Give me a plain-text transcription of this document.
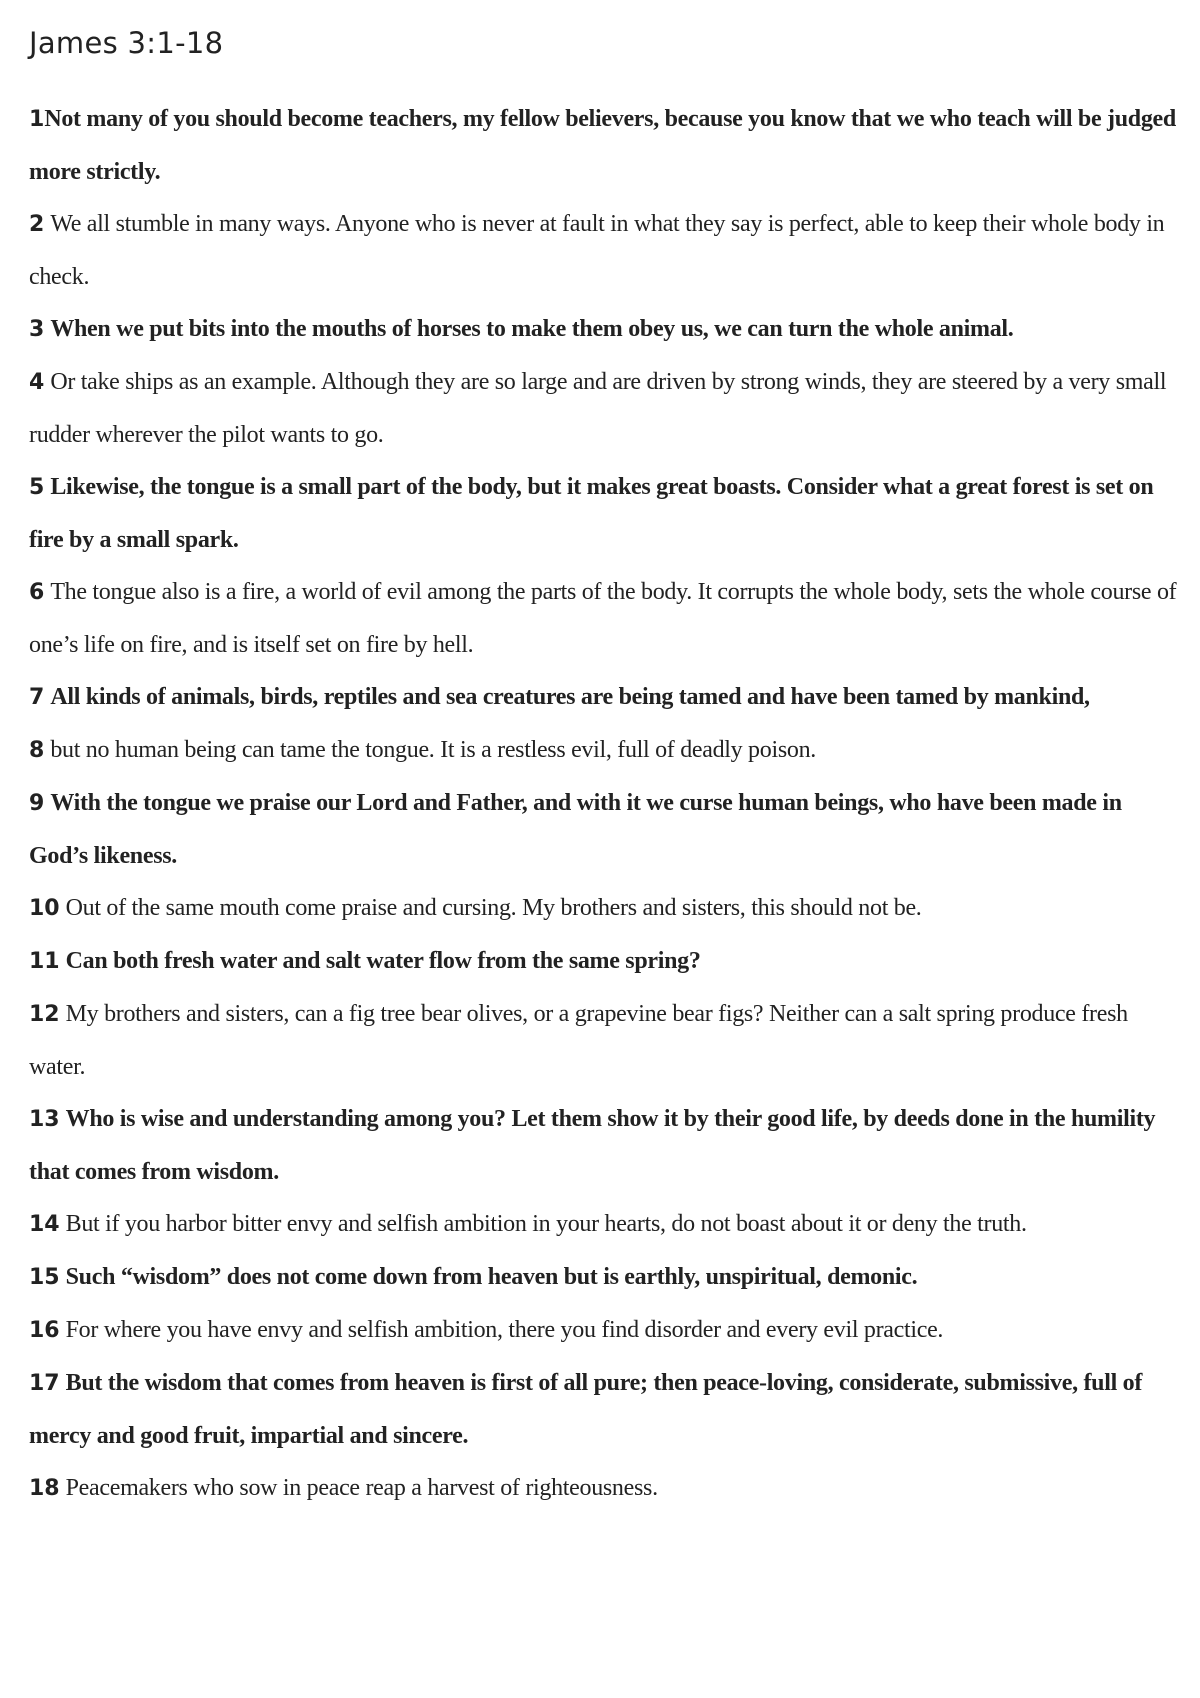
James 3:1-18

1Not many of you should become teachers, my fellow believers, because you know that we who teach will be judged more strictly.

2 We all stumble in many ways. Anyone who is never at fault in what they say is perfect, able to keep their whole body in check.

3 When we put bits into the mouths of horses to make them obey us, we can turn the whole animal.

4 Or take ships as an example. Although they are so large and are driven by strong winds, they are steered by a very small rudder wherever the pilot wants to go.

5 Likewise, the tongue is a small part of the body, but it makes great boasts. Consider what a great forest is set on fire by a small spark.

6 The tongue also is a fire, a world of evil among the parts of the body. It corrupts the whole body, sets the whole course of one’s life on fire, and is itself set on fire by hell.

7 All kinds of animals, birds, reptiles and sea creatures are being tamed and have been tamed by mankind,

8 but no human being can tame the tongue. It is a restless evil, full of deadly poison.

9 With the tongue we praise our Lord and Father, and with it we curse human beings, who have been made in God’s likeness.

10 Out of the same mouth come praise and cursing. My brothers and sisters, this should not be.

11 Can both fresh water and salt water flow from the same spring?

12 My brothers and sisters, can a fig tree bear olives, or a grapevine bear figs? Neither can a salt spring produce fresh water.

13 Who is wise and understanding among you? Let them show it by their good life, by deeds done in the humility that comes from wisdom.

14 But if you harbor bitter envy and selfish ambition in your hearts, do not boast about it or deny the truth.

15 Such “wisdom” does not come down from heaven but is earthly, unspiritual, demonic.

16 For where you have envy and selfish ambition, there you find disorder and every evil practice.

17 But the wisdom that comes from heaven is first of all pure; then peace-loving, considerate, submissive, full of mercy and good fruit, impartial and sincere.

18 Peacemakers who sow in peace reap a harvest of righteousness.
